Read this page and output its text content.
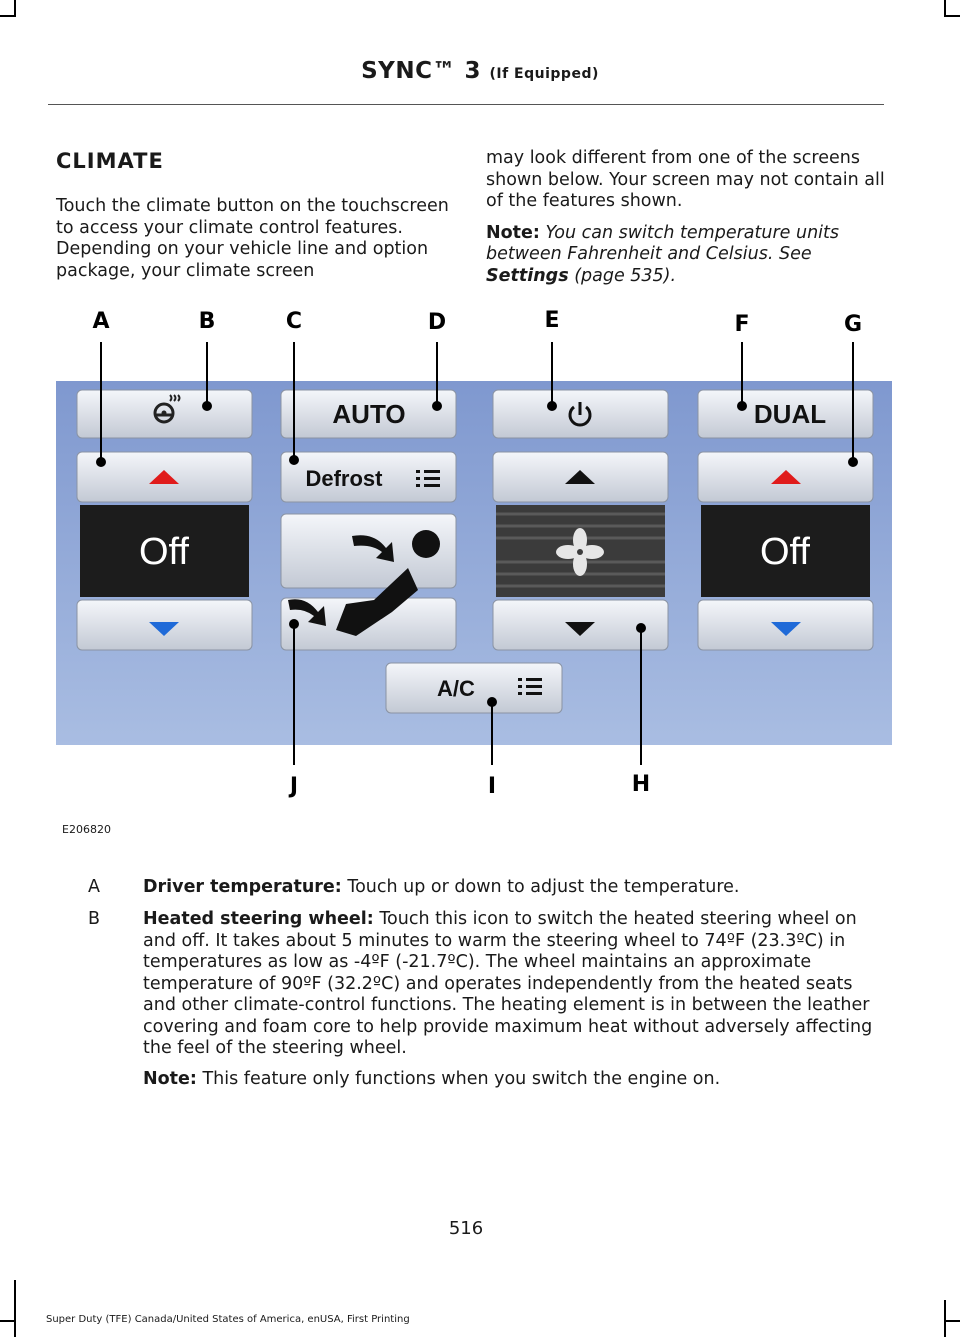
SYNC™ 3 (If Equipped)
CLIMATE

Touch the climate button on the touchscreen to access your climate control features. Depending on your vehicle line and option package, your climate screen

may look different from one of the screens shown below. Your screen may not contain all of the features shown.

Note: You can switch temperature units between Fahrenheit and Celsius. See Settings (page 535).

Off
AUTO
Defrost
A/C
DUAL
Off
A	B	C	D	E	F	G
H
I
J
E206820
A Driver temperature: Touch up or down to adjust the temperature.
B Heated steering wheel: Touch this icon to switch the heated steering wheel on and off. It takes about 5 minutes to warm the steering wheel to 74ºF (23.3ºC) in temperatures as low as -4ºF (-21.7ºC). The wheel maintains an approximate temperature of 90ºF (32.2ºC) and operates independently from the heated seats and other climate-control functions. The heating element is in between the leather covering and foam core to help provide maximum heat without adversely affecting the feel of the steering wheel.
Note: This feature only functions when you switch the engine on.
516
Super Duty (TFE) Canada/United States of America, enUSA, First Printing
